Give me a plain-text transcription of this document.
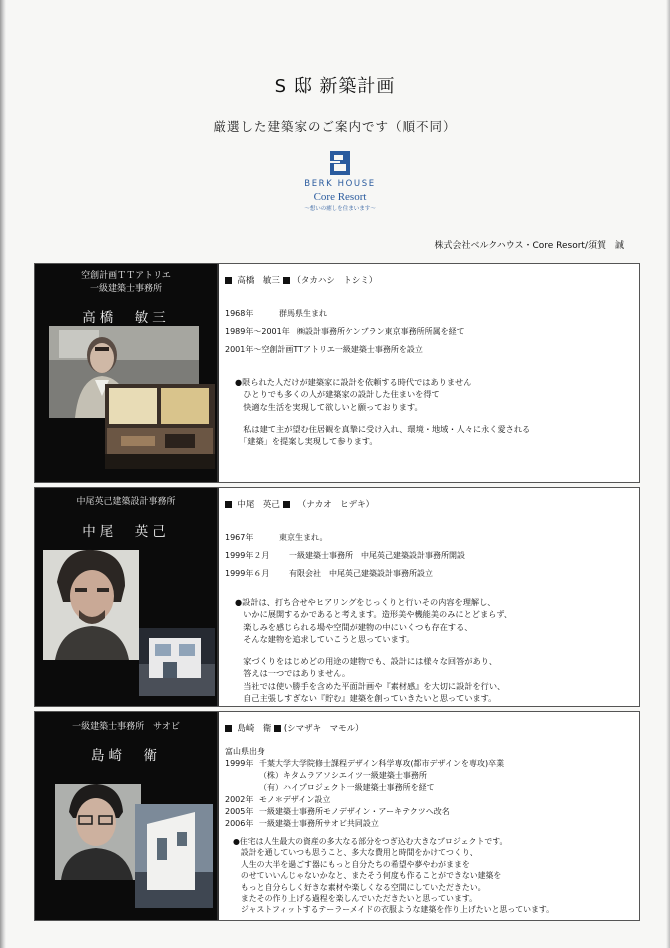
S 邸 新築計画
厳選した建築家のご案内です（順不同）
BERK HOUSE
Core Resort
〜想いの癒しを住まいます〜
株式会社ベルクハウス・Core Resort/須賀　誠
空創計画ＴＴアトリエ
一級建築士事務所
高橋　敏三
高橋　敏三 （タカハシ　トシミ）
1968年	群馬県生まれ
1989年～2001年 ㈱設計事務所ケンブラン東京事務所所属を経て
2001年～空創計画TTアトリエ一級建築士事務所を設立

●限られた人だけが建築家に設計を依頼する時代ではありません

　ひとりでも多くの人が建築家の設計した住まいを得て

　快適な生活を実現して欲しいと願っております。

　私は建て主が望む住居観を真摯に受け入れ、環境・地域・人々に永く愛される

　「建築」を提案し実現して参ります。

中尾英己建築設計事務所
中尾　英己
中尾　英己 （ナカオ　ヒデキ）
1967年	東京生まれ。
1999年２月 一級建築士事務所　中尾英己建築設計事務所開設
1999年６月 有限会社　中尾英己建築設計事務所設立

●設計は、打ち合せやヒアリングをじっくりと行いその内容を理解し、

　いかに展開するかであると考えます。造形美や機能美のみにとどまらず、

　楽しみを感じられる場や空間が建物の中にいくつも存在する、

　そんな建物を追求していこうと思っています。

　家づくりをはじめどの用途の建物でも、設計には様々な回答があり、

　答えは一つではありません。

　当社では使い勝手を含めた平面計画や『素材感』を大切に設計を行い、

　自己主張しすぎない『貯む』建築を創っていきたいと思っています。

一級建築士事務所　サオビ
島崎　衛
島崎　衛 (シマザキ　マモル）
富山県出身
1999年 千葉大学大学院修士課程デザイン科学専攻(都市デザインを専攻)卒業
（株）キタムラアソシエイツ一級建築士事務所
（有）ハイプロジェクト一級建築士事務所を経て
2002年 モノ＊デザイン設立
2005年 一級建築士事務所モノデザイン・アーキテクツへ改名
2006年 一級建築士事務所サオビ共同設立

●住宅は人生最大の資産の多大なる部分をつぎ込む大きなプロジェクトです。

　設計を通していつも思うこと、多大な費用と時間をかけてつくり、

　人生の大半を過ごす器にもっと自分たちの希望や夢やわがままを

　のせていいんじゃないかなと、またそう何度も作ることができない建築を

　もっと自分らしく好きな素材や楽しくなる空間にしていただきたい。

　またその作り上げる過程を楽しんでいただきたいと思っています。

　ジャストフィットするテーラーメイドの衣服ような建築を作り上げたいと思っています。
